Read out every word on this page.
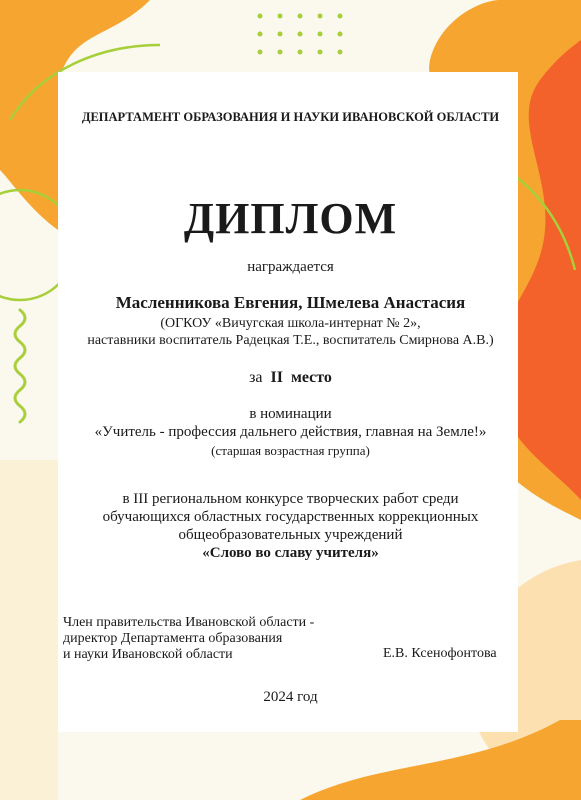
ДЕПАРТАМЕНТ ОБРАЗОВАНИЯ И НАУКИ ИВАНОВСКОЙ ОБЛАСТИ
ДИПЛОМ
награждается
Масленникова Евгения, Шмелева Анастасия
(ОГКОУ «Вичугская школа-интернат № 2»,
наставники воспитатель Радецкая Т.Е., воспитатель Смирнова А.В.)
за II место
в номинации
«Учитель - профессия дальнего действия, главная на Земле!»
(старшая возрастная группа)
в III региональном конкурсе творческих работ среди
обучающихся областных государственных коррекционных
общеобразовательных учреждений
«Слово во славу учителя»
Член правительства Ивановской области -
директор Департамента образования
и науки Ивановской области	Е.В. Ксенофонтова
2024 год
